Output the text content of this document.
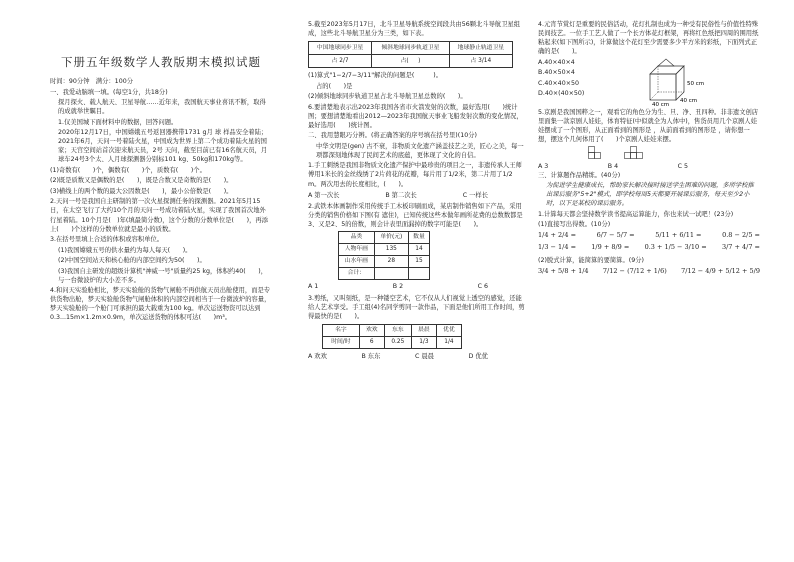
下册五年级数学人教版期末模拟试题

时间：90分钟　满分：100分

一、我爱动脑填一填。(每空1分，共18分)

探月探火、载人航天、卫星导航……近年来，我国航天事业喜讯不断，取得的成就举世瞩目。

1.仅美国城下面材料中的数据，回答问题。

2020年12月17日，中国嫦娥五号返回器携带1731 g月 球 样品安全着陆；2021年6月，天问一号着陆火星，中国成为世界上第二个成功着陆火星的国家；天宫空间站首次迎来航天员，2号 天问，截至目前已有16名航天员，月球车24号3个太、人月球探测器分别标101 kg、50kg和170kg等。

(1)奇数有(　　)个，偶数有(　　)个，质数有(　　)个。

(2)既是质数又是偶数的是(　　)，既是合数又是奇数的是(　　)。

(3)横线上的两个数的最大公因数是(　　)，最小公倍数是(　　)。

2.天问一号是我国自主研制的第一次火星探测任务的探测器。2021年5月15日，在太空飞行了大约10个月的天问一号成功着陆火星，实现了我国首次地外行星着陆。10个月是(　)年(填最简分数)，这个分数的分数单位是(　　)，再添上(　　)个这样的分数单位就是最小的质数。

3.在括号里填上合适的体积或容积单位。

(1)我国嫦娥五号的供水量约为每人每天(　　)。

(2)中国空间站天和核心舱的内部空间约为50(　　)。

(3)我国自主研发的超级计算机"神威一号"质量约25 kg，体积约40(　　)，与一台微波炉的大小差不多。

4.和问天实验舱相比，梦天实验舱的货物气闸舱不再供航天员出舱使用，而是专供货物出舱，梦天实验舱货物气闸舱体积的内部空间相当于一台微波炉的容量，梦天实验舱的一个舱门可承担的最大载重为100 kg。单次运送物资可以达到0.3...15m×1.2m×0.9m，单次运送货物的体积可达(　　)m³。

5.截至2023年5月17日，北斗卫星导航系统空间段共由56颗北斗导航卫星组成，这些北斗导航卫星分为三类，如下表。

中国地球同步卫星	倾斜地球同步轨道卫星	地球静止轨道卫星
占 2/7	占( 　 )	占 3/14

(1)算式"1−2/7−3/11"解决的问题是(　　　)。

占的(　　)是

(2)倾斜地球同步轨道卫星占北斗导航卫星总数的(　　)。

6.要清楚地表示出2023年我国各省市火箭发射的次数，最好选用(　　)统计图；要想清楚地看出2012—2023年我国航天事业飞船发射次数的变化情况，最好选用(　　)统计图。

二、我用慧眼巧分辨。(将正确答案的序号填在括号里)(10分)

中华文明是(gen) 古不衰，非物质文化遗产涵盖技艺之美，匠心之美，每一项都深刻地体现了民间艺术的底蕴，更体现了文化的自信。

1.手工刺绣是我国非物质文化遗产保护中最珍贵的项目之一，非遗传承人王师傅用1米长的金丝线绣了2片荷花的花瓣，每片用了1/2米，第二片用了1/2 m。两次用去的长度相比，(　　)。

A 第一次长	B 第二次长	C 一样长

2.武铁本体画制作采用传统手工木板印刷而成，某店制作销售如下产品，采用分类的销售价格如下图(有 遮住)，已知传统这些本做年画所花费的总数数都是 3、又是2、5的倍数，则会计表里面漏掉的数字可能是(　　)。

品类	单价(元)	数量
人物年画	135	14
山水年画	28	15
合计：		
A 1	B 2	C 6

3.剪纸，又叫刻纸，是一种镂空艺术，它不仅从人们视觉上透空的感觉，还能给人艺术享受。手工组(4)名同学剪同一款作品，下面是他们所用工作时间，剪得最快的是(　　)。

名字	欢欢	东东	晨晨	优优
时间/时	6	0.25	1/3	1/4
A 欢欢	B 东东	C 晨晨	D 优优

4.元宵节赏灯是重要的民俗活动，花灯扎制也成为一种受有民俗性与价值性特殊民间技艺。一位手工艺人做了一个长方体花灯框架，再将红色纸把四周的围用纸粘起来(如下图所示)，计算做这个花灯至少需要多少平方米的彩纸，下面列式正确的是(　　)。

A.40×40×4

B.40×50×4

C.40×40×50

D.40×(40×50)

50 cm
40 cm
40 cm

5.京剧是我国国粹之一，观看它的角色分为生、旦、净、丑四种。非非遗文创店里面集一款京剧人娃娃，体育特征(中似就全为人体中)，售货员用几个京剧人娃娃摆成了一个图形，从正面看到的图形是 ，从前面看到的图形是 ，请你想一想，摆这个几何体用了(　　)个京剧人娃娃来摆。

A 3	B 4	C 5

三、计算题作品精练。(40分)

为促进学生健康成长，帮助家长解决接时接送学生困难的问题，多所学校推出课后服务"5+2"模式，即学校每周5天都要开展课后服务，每天至少2小时，以下是某校的课后服务。

1.计算每天都会坚持数学读书提高运算能力，你也来试一试吧！(23分)

(1)直接写出得数。(10分)

1/4 + 2/4 =	6/7 − 5/7 =	5/11 + 6/11 =	0.8 − 2/5 =
1/3 − 1/4 = 1/9 + 8/9 = 0.3 + 1/5 − 3/10 = 3/7 + 4/7 =

(2)脱式计算，能简算的要简算。(9分)

3/4 + 5/8 + 1/4 7/12 − (7/12 + 1/6) 7/12 − 4/9 + 5/12 + 5/9
